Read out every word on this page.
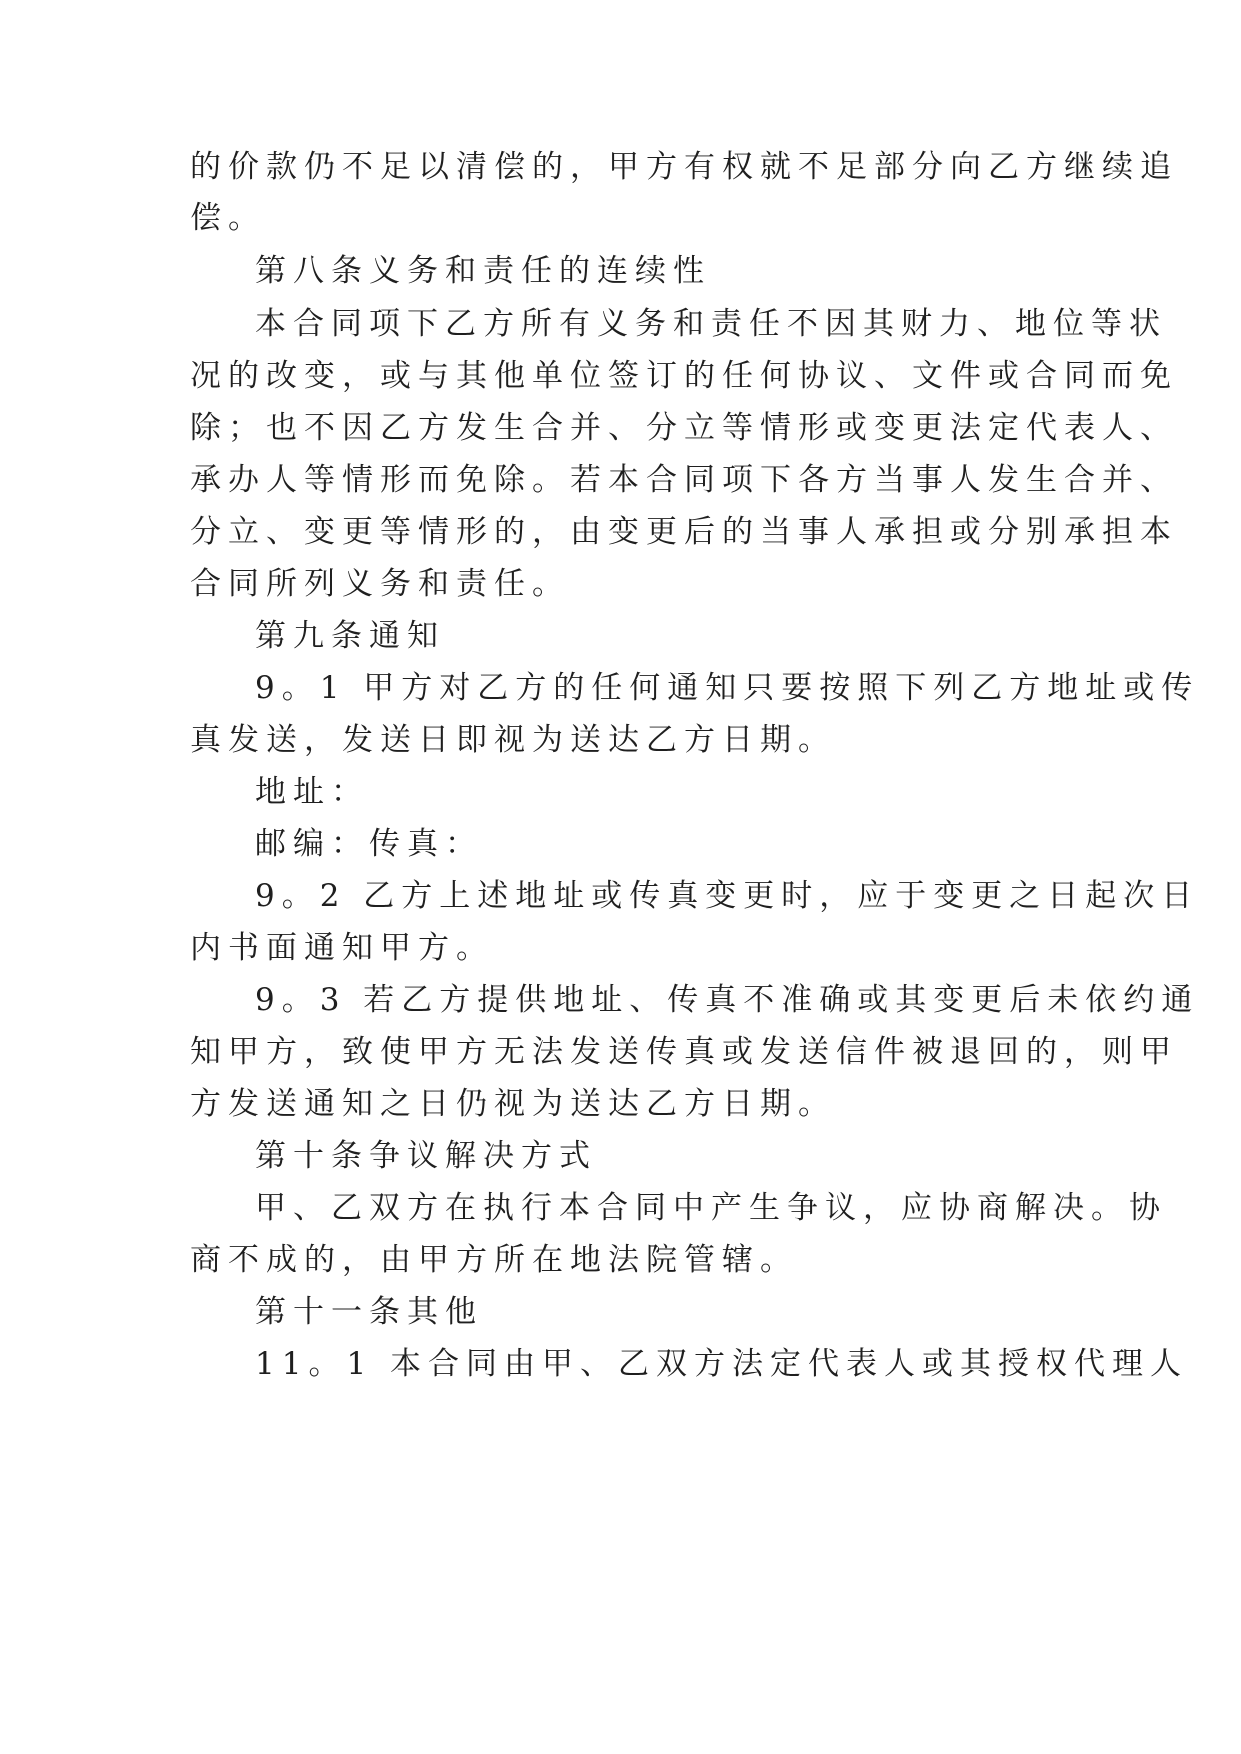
的价款仍不足以清偿的，甲方有权就不足部分向乙方继续追
偿。
第八条义务和责任的连续性
本合同项下乙方所有义务和责任不因其财力、地位等状
况的改变，或与其他单位签订的任何协议、文件或合同而免
除；也不因乙方发生合并、分立等情形或变更法定代表人、
承办人等情形而免除。若本合同项下各方当事人发生合并、
分立、变更等情形的，由变更后的当事人承担或分别承担本
合同所列义务和责任。
第九条通知
9。1 甲方对乙方的任何通知只要按照下列乙方地址或传
真发送，发送日即视为送达乙方日期。
地址：
邮编：传真：
9。2 乙方上述地址或传真变更时，应于变更之日起次日
内书面通知甲方。
9。3 若乙方提供地址、传真不准确或其变更后未依约通
知甲方，致使甲方无法发送传真或发送信件被退回的，则甲
方发送通知之日仍视为送达乙方日期。
第十条争议解决方式
甲、乙双方在执行本合同中产生争议，应协商解决。协
商不成的，由甲方所在地法院管辖。
第十一条其他
11。1 本合同由甲、乙双方法定代表人或其授权代理人
